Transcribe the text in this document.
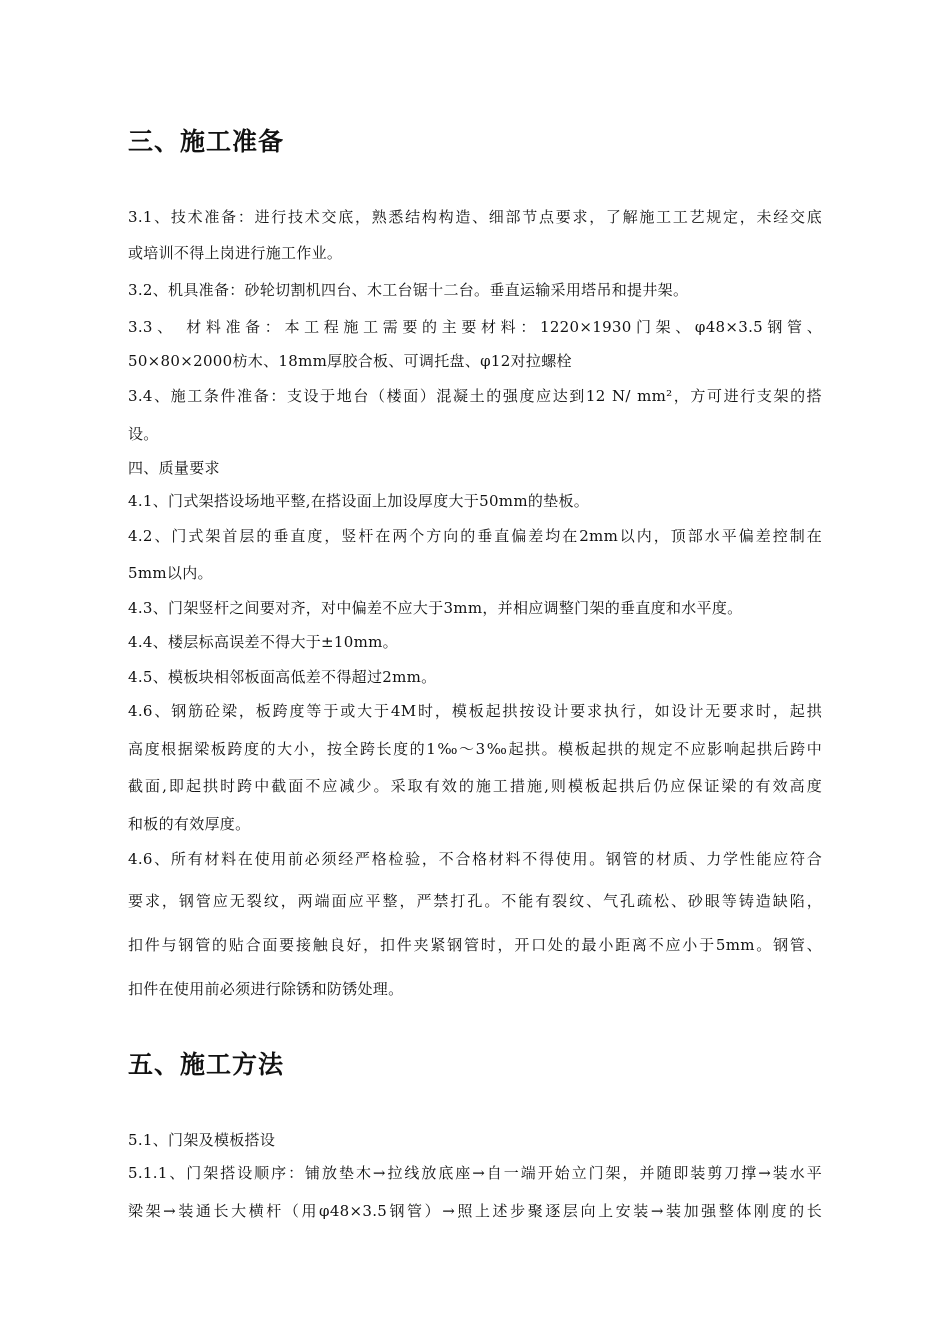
三、施工准备
3.1、技术准备：进行技术交底，熟悉结构构造、细部节点要求，了解施工工艺规定，未经交底
或培训不得上岗进行施工作业。
3.2、机具准备：砂轮切割机四台、木工台锯十二台。垂直运输采用塔吊和提井架。
3.3、 材料准备：本工程施工需要的主要材料：1220×1930门架、φ48×3.5钢管、
50×80×2000枋木、18mm厚胶合板、可调托盘、φ12对拉螺栓
3.4、施工条件准备：支设于地台（楼面）混凝土的强度应达到12 N/ mm²，方可进行支架的搭
设。
四、质量要求
4.1、门式架搭设场地平整,在搭设面上加设厚度大于50mm的垫板。
4.2、门式架首层的垂直度，竖杆在两个方向的垂直偏差均在2mm以内，顶部水平偏差控制在
5mm以内。
4.3、门架竖杆之间要对齐，对中偏差不应大于3mm，并相应调整门架的垂直度和水平度。
4.4、楼层标高误差不得大于±10mm。
4.5、模板块相邻板面高低差不得超过2mm。
4.6、钢筋砼梁，板跨度等于或大于4M时，模板起拱按设计要求执行，如设计无要求时，起拱
高度根据梁板跨度的大小，按全跨长度的1‰〜3‰起拱。模板起拱的规定不应影响起拱后跨中
截面,即起拱时跨中截面不应减少。采取有效的施工措施,则模板起拱后仍应保证梁的有效高度
和板的有效厚度。
4.6、所有材料在使用前必须经严格检验，不合格材料不得使用。钢管的材质、力学性能应符合
要求，钢管应无裂纹，两端面应平整，严禁打孔。不能有裂纹、气孔疏松、砂眼等铸造缺陷，
扣件与钢管的贴合面要接触良好，扣件夹紧钢管时，开口处的最小距离不应小于5mm。钢管、
扣件在使用前必须进行除锈和防锈处理。
五、施工方法
5.1、门架及模板搭设
5.1.1、门架搭设顺序：铺放垫木→拉线放底座→自一端开始立门架，并随即装剪刀撑→装水平
梁架→装通长大横杆（用φ48×3.5钢管）→照上述步聚逐层向上安装→装加强整体刚度的长
